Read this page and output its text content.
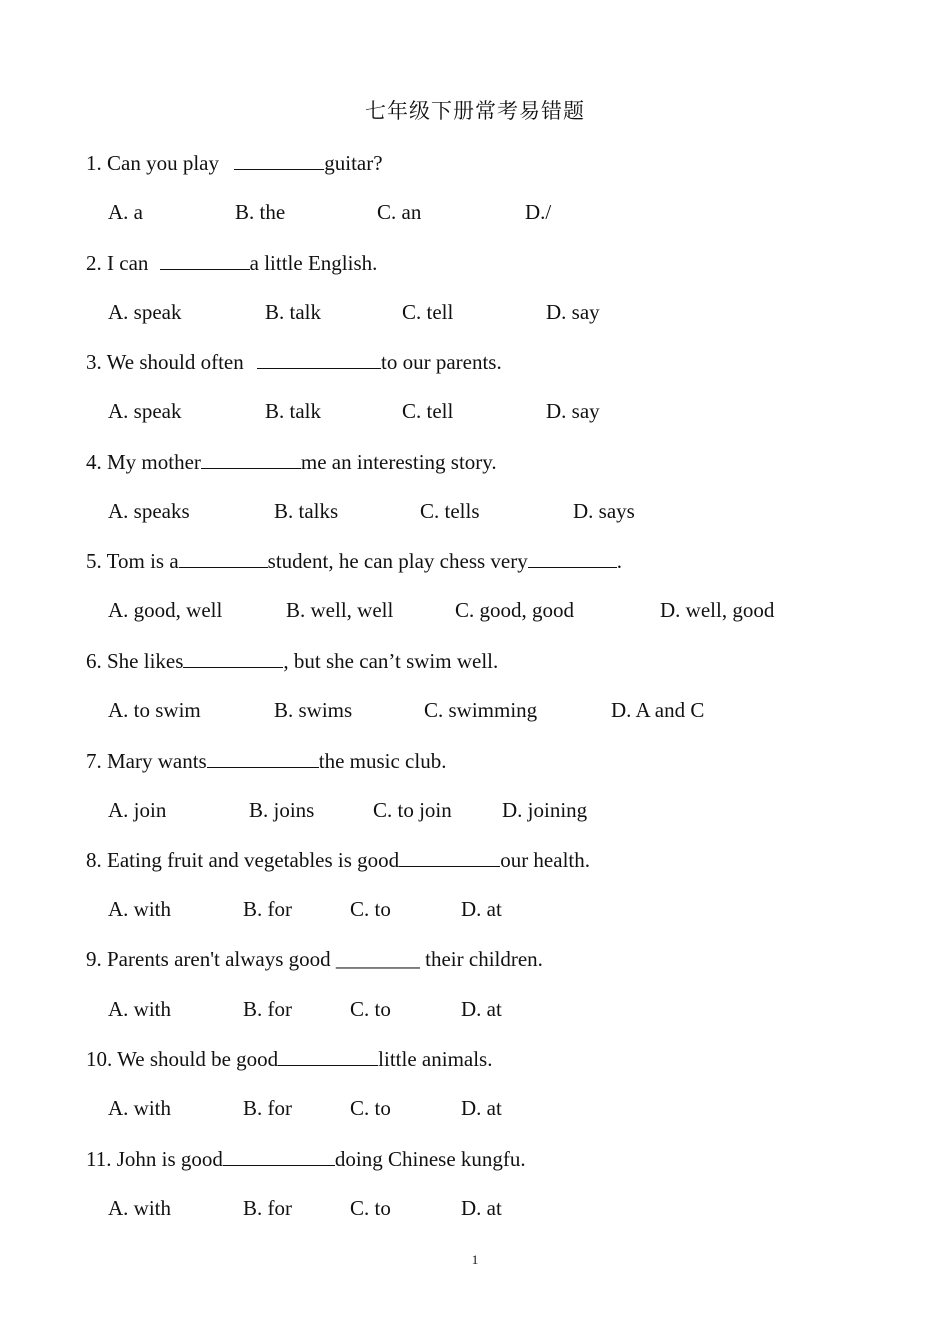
七年级下册常考易错题
1. Can you play	guitar?
A. a	B. the	C. an	D./
2. I can	a little English.
A. speak	B. talk	C. tell	D. say
3. We should often	to our parents.
A. speak	B. talk	C. tell	D. say
4. My mother	me an interesting story.
A. speaks	B. talks	C. tells	D. says
5. Tom is a	student, he can play chess very	.
A. good, well	B. well, well	C. good, good	D. well, good
6. She likes	, but she can’t swim well.
A. to swim	B. swims	C. swimming	D. A and C
7. Mary wants	the music club.
A. join	B. joins	C. to join D. joining
8. Eating fruit and vegetables is good	our health.
A. with	B. for	C. to	D. at
9. Parents aren't always good ________ their children.
A. with	B. for	C. to	D. at
10. We should be good	little animals.
A. with	B. for	C. to	D. at
11. John is good	doing Chinese kungfu.
A. with	B. for	C. to	D. at
1
